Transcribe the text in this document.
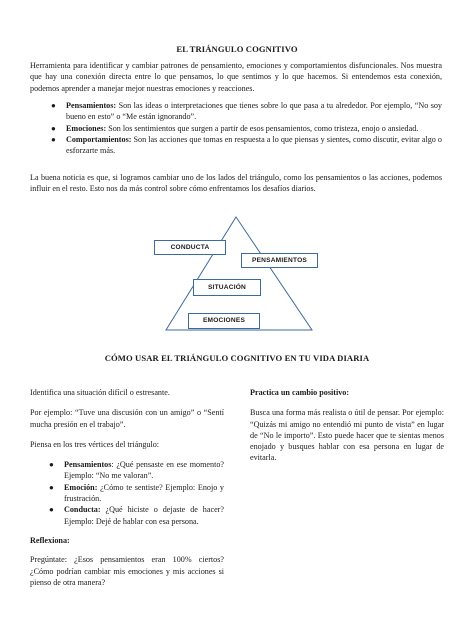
EL TRIÁNGULO COGNITIVO
Herramienta para identificar y cambiar patrones de pensamiento, emociones y comportamientos disfuncionales. Nos muestra que hay una conexión directa entre lo que pensamos, lo que sentimos y lo que hacemos. Si entendemos esta conexión, podemos aprender a manejar mejor nuestras emociones y reacciones.
● Pensamientos: Son las ideas o interpretaciones que tienes sobre lo que pasa a tu alrededor. Por ejemplo, “No soy bueno en esto” o “Me están ignorando”.
● Emociones: Son los sentimientos que surgen a partir de esos pensamientos, como tristeza, enojo o ansiedad.
● Comportamientos: Son las acciones que tomas en respuesta a lo que piensas y sientes, como discutir, evitar algo o esforzarte más.
La buena noticia es que, si logramos cambiar uno de los lados del triángulo, como los pensamientos o las acciones, podemos influir en el resto. Esto nos da más control sobre cómo enfrentamos los desafíos diarios.
CONDUCTA
PENSAMIENTOS
SITUACIÓN
EMOCIONES
CÓMO USAR EL TRIÁNGULO COGNITIVO EN TU VIDA DIARIA
Identifica una situación difícil o estresante.
Por ejemplo: “Tuve una discusión con un amigo” o “Sentí mucha presión en el trabajo”.
Piensa en los tres vértices del triángulo:
● Pensamientos: ¿Qué pensaste en ese momento? Ejemplo: “No me valoran”.
● Emoción: ¿Cómo te sentiste? Ejemplo: Enojo y frustración.
● Conducta: ¿Qué hiciste o dejaste de hacer? Ejemplo: Dejé de hablar con esa persona.
Reflexiona:
Pregúntate: ¿Esos pensamientos eran 100% ciertos? ¿Cómo podrían cambiar mis emociones y mis acciones si pienso de otra manera?
Practica un cambio positivo:
Busca una forma más realista o útil de pensar. Por ejemplo: “Quizás mi amigo no entendió mi punto de vista” en lugar de “No le importo”. Esto puede hacer que te sientas menos enojado y busques hablar con esa persona en lugar de evitarla.
